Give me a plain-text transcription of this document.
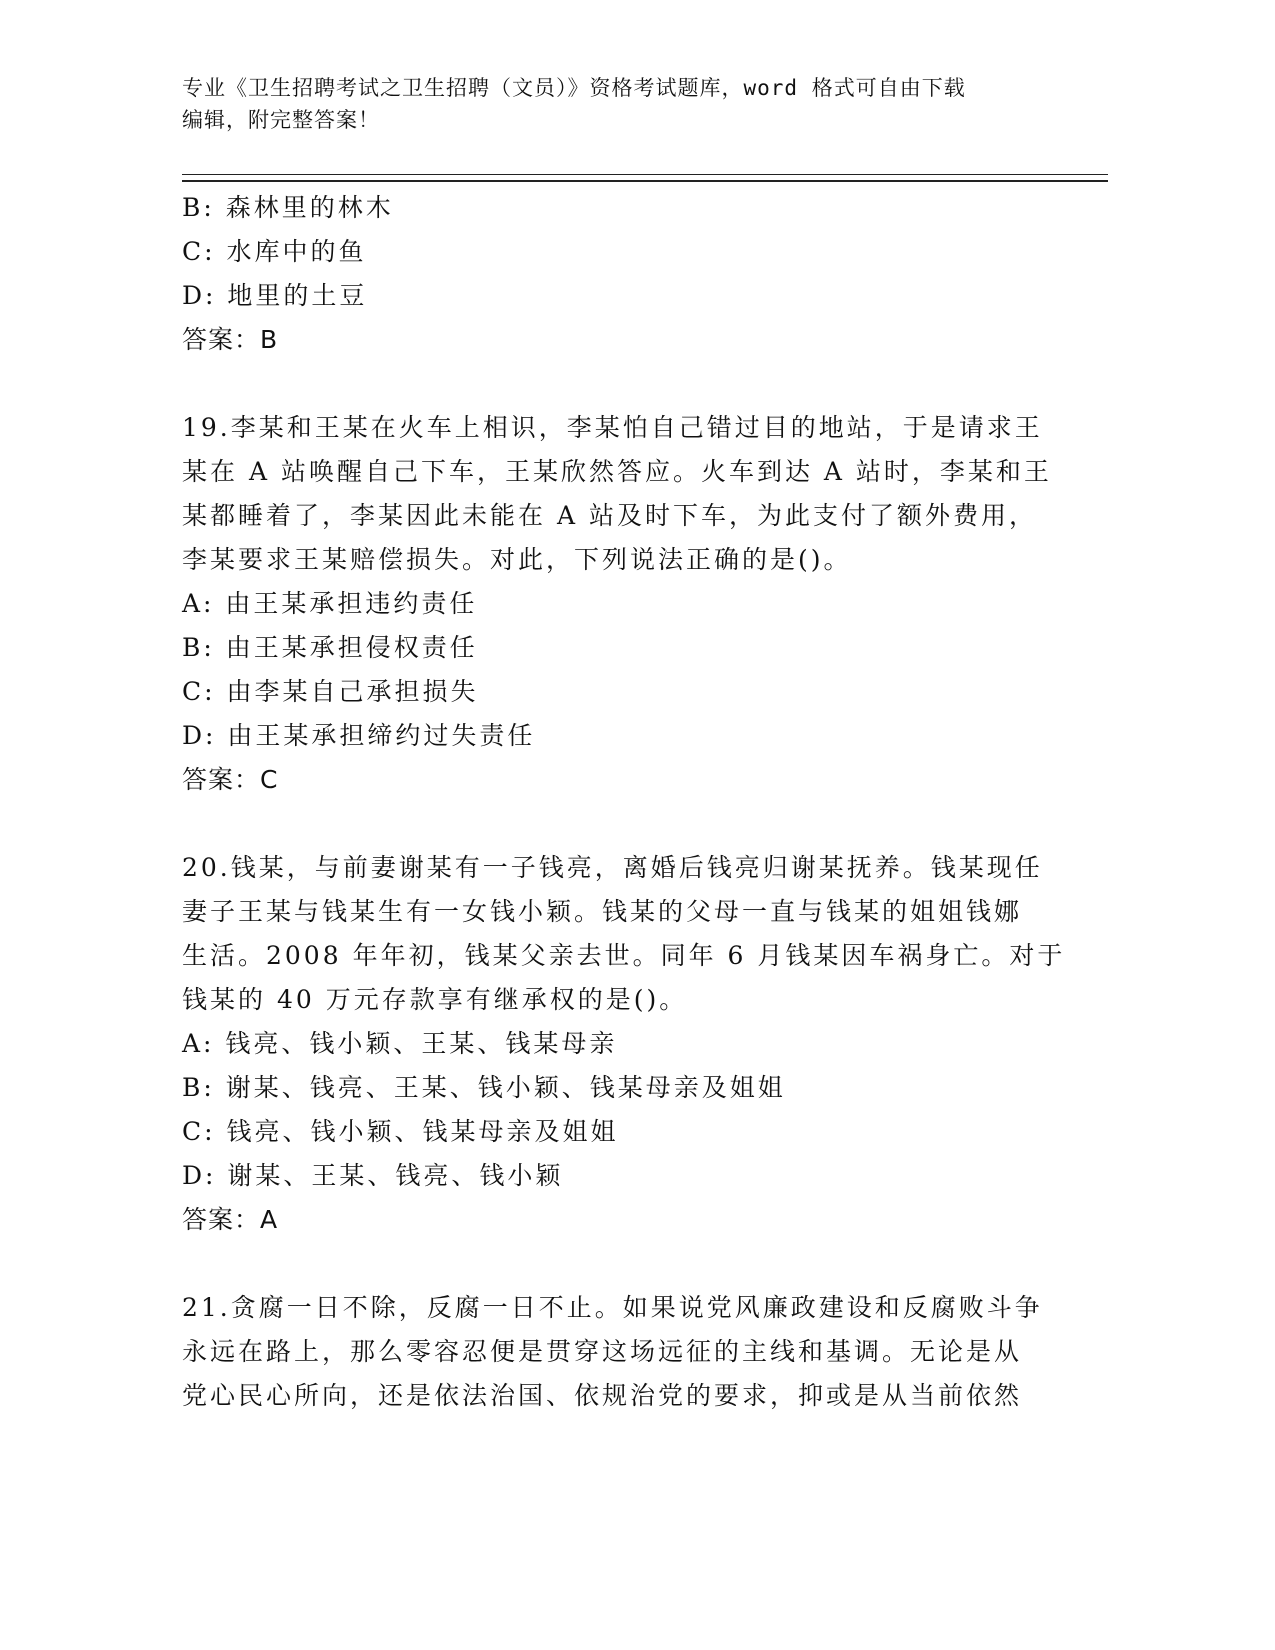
专业《卫生招聘考试之卫生招聘（文员）》资格考试题库，word 格式可自由下载
编辑，附完整答案！
B: 森林里的林木
C: 水库中的鱼
D: 地里的土豆
答案：B
19.李某和王某在火车上相识，李某怕自己错过目的地站，于是请求王
某在 A 站唤醒自己下车，王某欣然答应。火车到达 A 站时，李某和王
某都睡着了，李某因此未能在 A 站及时下车，为此支付了额外费用，
李某要求王某赔偿损失。对此，下列说法正确的是()。
A: 由王某承担违约责任
B: 由王某承担侵权责任
C: 由李某自己承担损失
D: 由王某承担缔约过失责任
答案：C
20.钱某，与前妻谢某有一子钱亮，离婚后钱亮归谢某抚养。钱某现任
妻子王某与钱某生有一女钱小颖。钱某的父母一直与钱某的姐姐钱娜
生活。2008 年年初，钱某父亲去世。同年 6 月钱某因车祸身亡。对于
钱某的 40 万元存款享有继承权的是()。
A: 钱亮、钱小颖、王某、钱某母亲
B: 谢某、钱亮、王某、钱小颖、钱某母亲及姐姐
C: 钱亮、钱小颖、钱某母亲及姐姐
D: 谢某、王某、钱亮、钱小颖
答案：A
21.贪腐一日不除，反腐一日不止。如果说党风廉政建设和反腐败斗争
永远在路上，那么零容忍便是贯穿这场远征的主线和基调。无论是从
党心民心所向，还是依法治国、依规治党的要求，抑或是从当前依然
